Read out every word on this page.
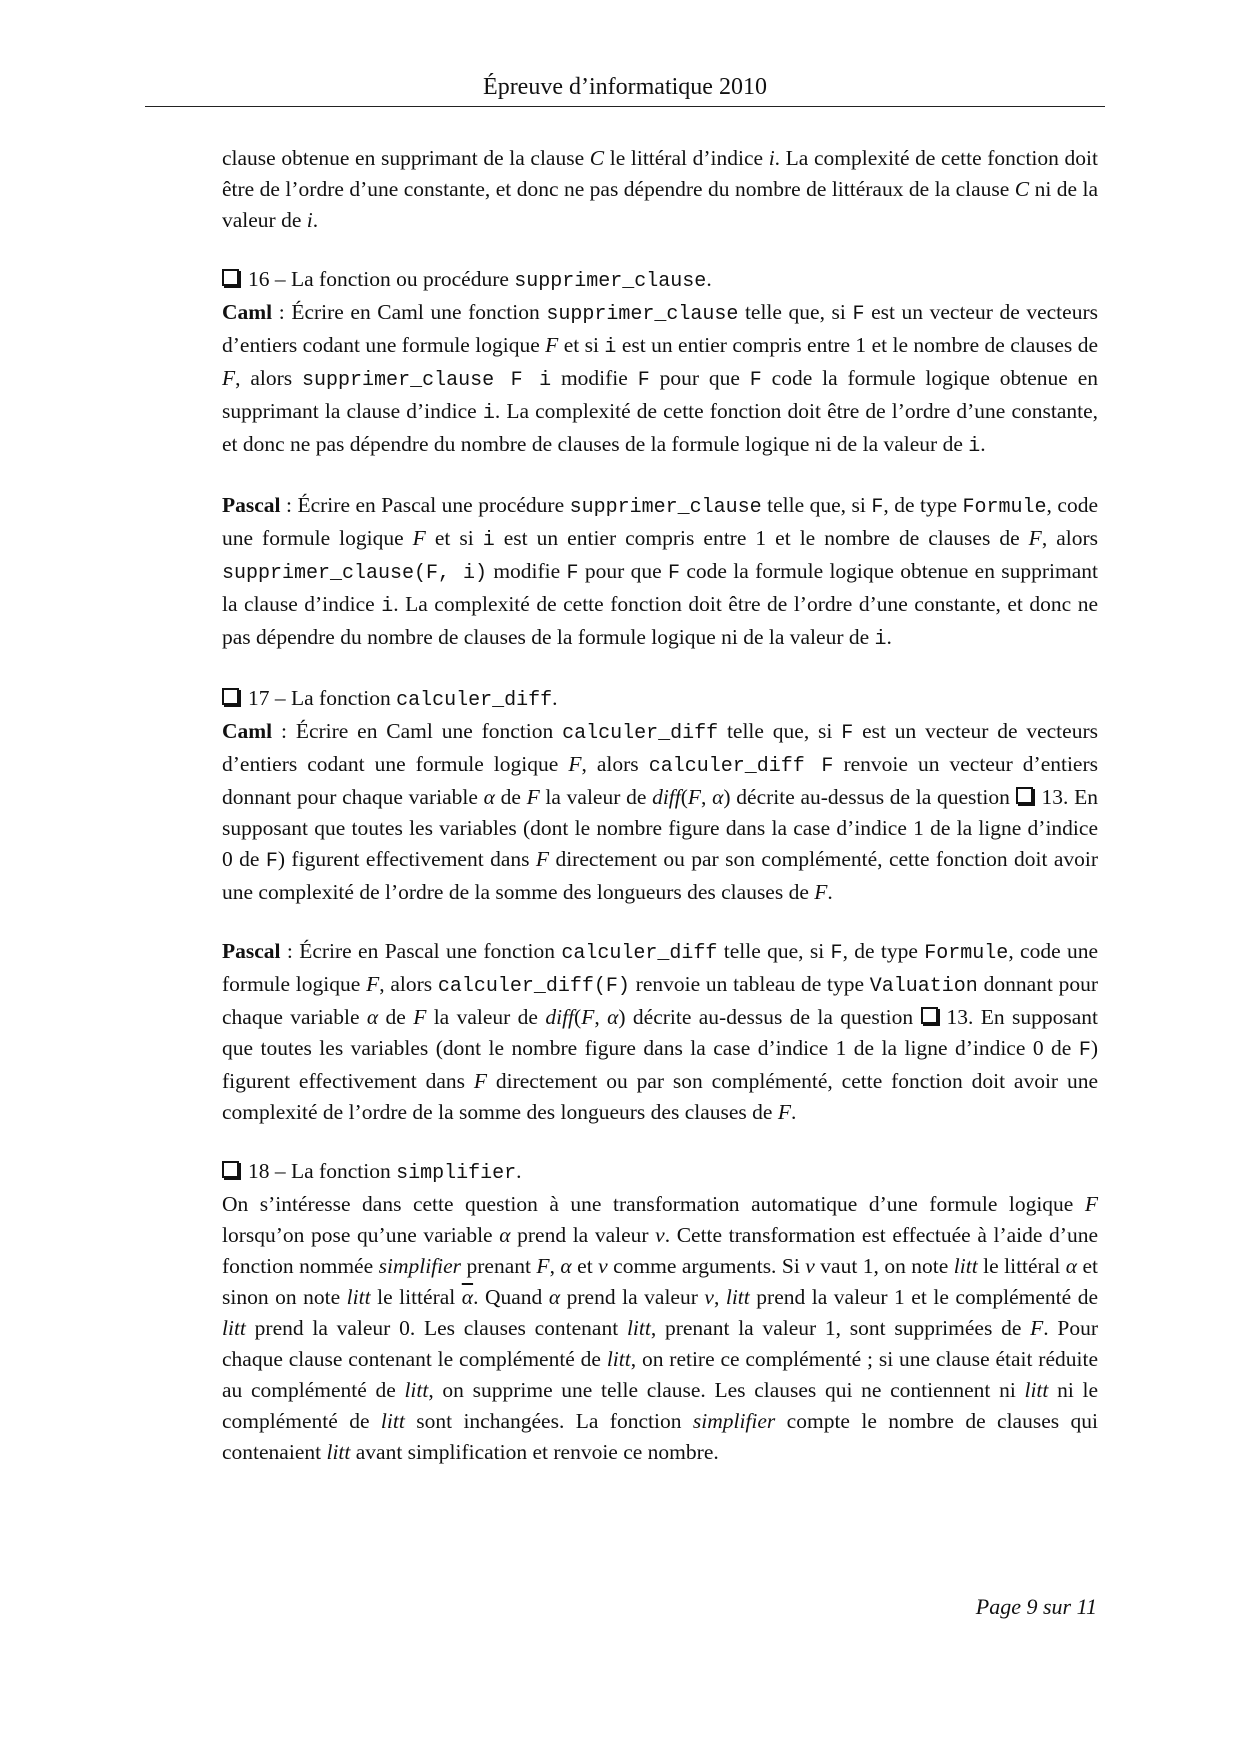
Épreuve d’informatique 2010

clause obtenue en supprimant de la clause C le littéral d’indice i. La complexité de cette fonction doit être de l’ordre d’une constante, et donc ne pas dépendre du nombre de littéraux de la clause C ni de la valeur de i.

16 – La fonction ou procédure supprimer_clause.

Caml : Écrire en Caml une fonction supprimer_clause telle que, si F est un vecteur de vecteurs d’entiers codant une formule logique F et si i est un entier compris entre 1 et le nombre de clauses de F, alors supprimer_clause F i modifie F pour que F code la formule logique obtenue en supprimant la clause d’indice i. La complexité de cette fonction doit être de l’ordre d’une constante, et donc ne pas dépendre du nombre de clauses de la formule logique ni de la valeur de i.

Pascal : Écrire en Pascal une procédure supprimer_clause telle que, si F, de type Formule, code une formule logique F et si i est un entier compris entre 1 et le nombre de clauses de F, alors supprimer_clause(F, i) modifie F pour que F code la formule logique obtenue en supprimant la clause d’indice i. La complexité de cette fonction doit être de l’ordre d’une constante, et donc ne pas dépendre du nombre de clauses de la formule logique ni de la valeur de i.

17 – La fonction calculer_diff.

Caml : Écrire en Caml une fonction calculer_diff telle que, si F est un vecteur de vecteurs d’entiers codant une formule logique F, alors calculer_diff F renvoie un vecteur d’entiers donnant pour chaque variable α de F la valeur de diff(F, α) décrite au-dessus de la question 13. En supposant que toutes les variables (dont le nombre figure dans la case d’indice 1 de la ligne d’indice 0 de F) figurent effectivement dans F directement ou par son complémenté, cette fonction doit avoir une complexité de l’ordre de la somme des longueurs des clauses de F.

Pascal : Écrire en Pascal une fonction calculer_diff telle que, si F, de type Formule, code une formule logique F, alors calculer_diff(F) renvoie un tableau de type Valuation donnant pour chaque variable α de F la valeur de diff(F, α) décrite au-dessus de la question 13. En supposant que toutes les variables (dont le nombre figure dans la case d’indice 1 de la ligne d’indice 0 de F) figurent effectivement dans F directement ou par son complémenté, cette fonction doit avoir une complexité de l’ordre de la somme des longueurs des clauses de F.

18 – La fonction simplifier.

On s’intéresse dans cette question à une transformation automatique d’une formule logique F lorsqu’on pose qu’une variable α prend la valeur v. Cette transformation est effectuée à l’aide d’une fonction nommée simplifier prenant F, α et v comme arguments. Si v vaut 1, on note litt le littéral α et sinon on note litt le littéral $\overline{\alpha}$. Quand α prend la valeur v, litt prend la valeur 1 et le complémenté de litt prend la valeur 0. Les clauses contenant litt, prenant la valeur 1, sont supprimées de F. Pour chaque clause contenant le complémenté de litt, on retire ce complémenté ; si une clause était réduite au complémenté de litt, on supprime une telle clause. Les clauses qui ne contiennent ni litt ni le complémenté de litt sont inchangées. La fonction simplifier compte le nombre de clauses qui contenaient litt avant simplification et renvoie ce nombre.

Page 9 sur 11
